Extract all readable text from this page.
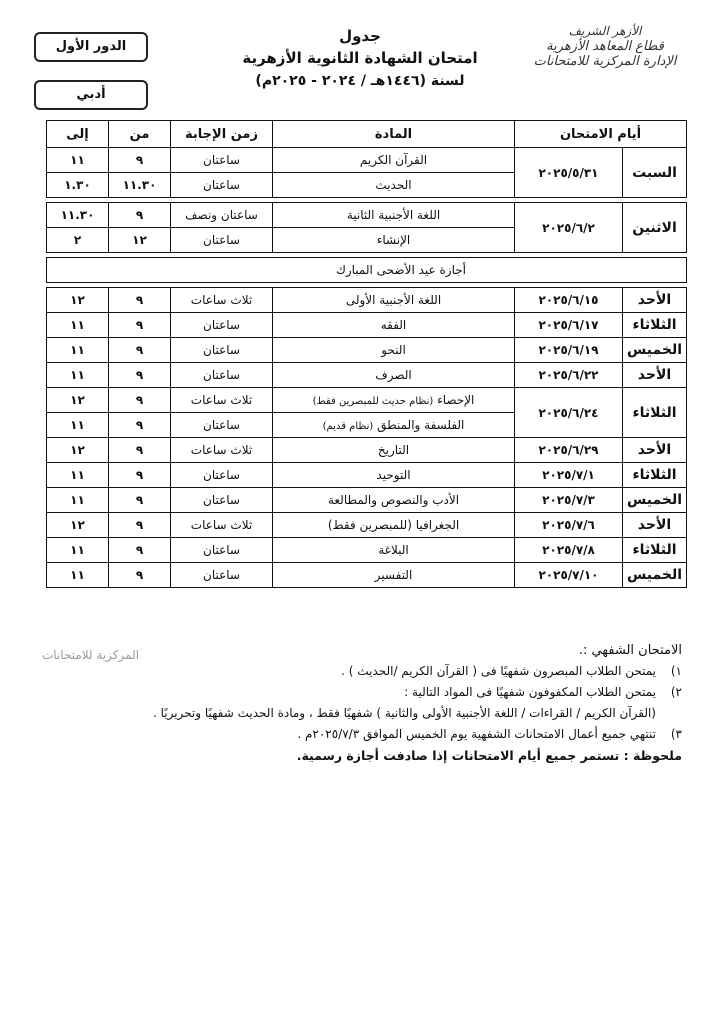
الدور الأول
أدبي
جدول
امتحان الشهادة الثانوية الأزهرية
لسنة (١٤٤٦هـ / ٢٠٢٤ - ٢٠٢٥م)
الأزهر الشريف
قطاع المعاهد الأزهرية
الإدارة المركزية للامتحانات
أيام الامتحان		المادة	زمن الإجابة	من	إلى
السبت	٢٠٢٥/٥/٣١	القرآن الكريم	ساعتان	٩	١١
		الحديث	ساعتان	١١.٣٠	١.٣٠

الاثنين	٢٠٢٥/٦/٢	اللغة الأجنبية الثانية	ساعتان ونصف	٩	١١.٣٠
		الإنشاء	ساعتان	١٢	٢

أجازة عيد الأضحى المبارك					

الأحد	٢٠٢٥/٦/١٥	اللغة الأجنبية الأولى	ثلاث ساعات	٩	١٢
الثلاثاء	٢٠٢٥/٦/١٧	الفقه	ساعتان	٩	١١
الخميس	٢٠٢٥/٦/١٩	النحو	ساعتان	٩	١١
الأحد	٢٠٢٥/٦/٢٢	الصرف	ساعتان	٩	١١
الثلاثاء	٢٠٢٥/٦/٢٤	الإحصاء (نظام حديث للمبصرين فقط)	ثلاث ساعات	٩	١٢
		الفلسفة والمنطق (نظام قديم)	ساعتان	٩	١١
الأحد	٢٠٢٥/٦/٢٩	التاريخ	ثلاث ساعات	٩	١٢
الثلاثاء	٢٠٢٥/٧/١	التوحيد	ساعتان	٩	١١
الخميس	٢٠٢٥/٧/٣	الأدب والنصوص والمطالعة	ساعتان	٩	١١
الأحد	٢٠٢٥/٧/٦	الجغرافيا (للمبصرين فقط)	ثلاث ساعات	٩	١٢
الثلاثاء	٢٠٢٥/٧/٨	البلاغة	ساعتان	٩	١١
الخميس	٢٠٢٥/٧/١٠	التفسير	ساعتان	٩	١١
المركزية للامتحانات	الامتحان الشفهي :.
١)
يمتحن الطلاب المبصرون شفهيًا فى ( القرآن الكريم /الحديث ) .
٢)
يمتحن الطلاب المكفوفون شفهيًا فى المواد التالية :
(القرآن الكريم / القراءات / اللغة الأجنبية الأولى والثانية ) شفهيًا فقط ، ومادة الحديث شفهيًا وتحريريًا .
٣)
تنتهي جميع أعمال الامتحانات الشفهية يوم الخميس الموافق ٢٠٢٥/٧/٣م .
ملحوظة : تستمر جميع أيام الامتحانات إذا صادفت أجازة رسمية.
